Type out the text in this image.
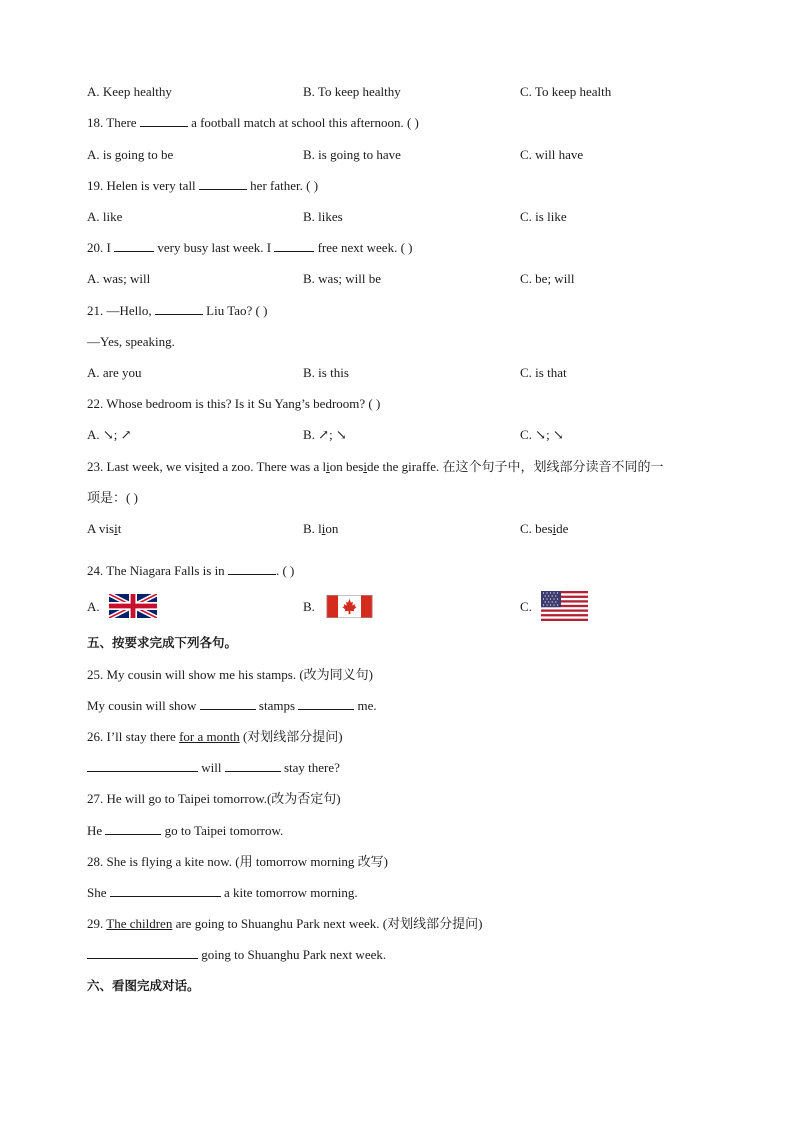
A. Keep healthy	B. To keep healthy	C. To keep health
18. There	a football match at school this afternoon. ( )
A. is going to be	B. is going to have	C. will have
19. Helen is very tall	her father. ( )
A. like	B. likes	C. is like
20. I	very busy last week. I	free next week. ( )
A. was; will	B. was; will be	C. be; will
21. —Hello,	Liu Tao? ( )
—Yes, speaking.
A. are you	B. is this	C. is that
22. Whose bedroom is this? Is it Su Yang’s bedroom? ( )
A. ↘; ↗	B. ↗; ↘	C. ↘; ↘
23. Last week, we visited a zoo. There was a lion beside the giraffe. 在这个句子中，划线部分读音不同的一
项是：( )
A visit	B. lion	C. beside
24. The Niagara Falls is in	. ( )
A.	B.	C.
五、按要求完成下列各句。
25. My cousin will show me his stamps. (改为同义句)
My cousin will show	stamps	me.
26. I’ll stay there for a month (对划线部分提问)
will	stay there?
27. He will go to Taipei tomorrow.(改为否定句)
He	go to Taipei tomorrow.
28. She is flying a kite now. (用 tomorrow morning 改写)
She	a kite tomorrow morning.
29. The children are going to Shuanghu Park next week. (对划线部分提问)
going to Shuanghu Park next week.
六、看图完成对话。
